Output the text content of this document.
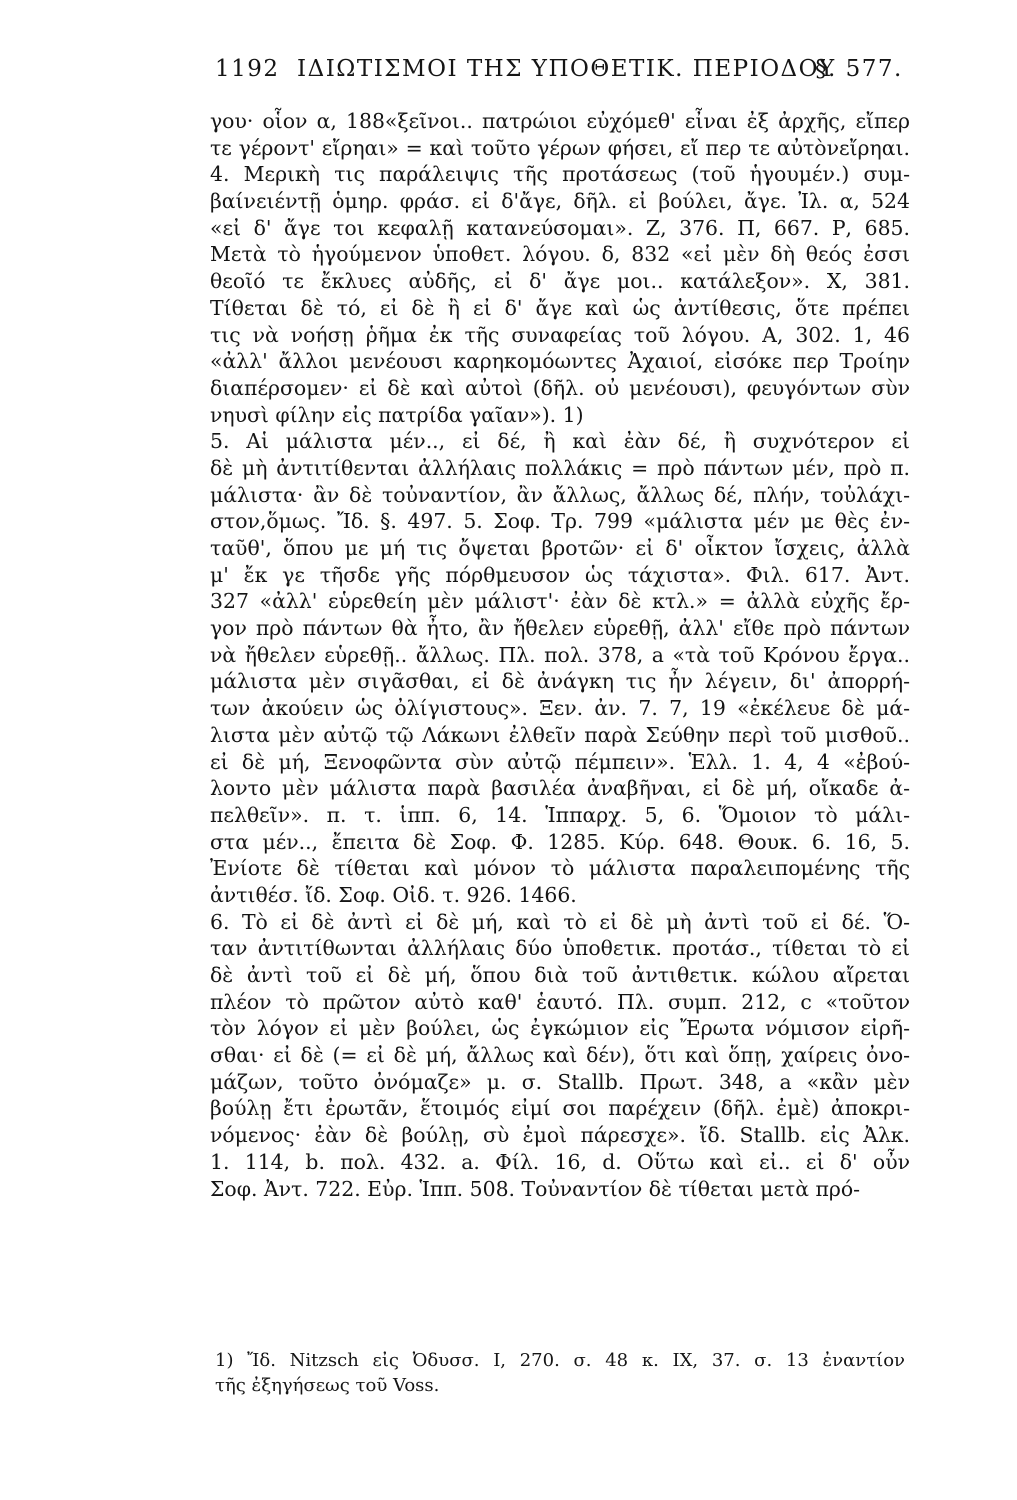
1192 ΙΔΙΩΤΙΣΜΟΙ ΤΗΣ ΥΠΟΘΕΤΙΚ. ΠΕΡΙΟΔΟΥ
§. 577.
γου· οἷον α, 188«ξεῖνοι.. πατρώιοι εὐχόμεθ' εἶναι ἐξ ἀρχῆς, εἴπερ
τε γέροντ' εἴρηαι» = καὶ τοῦτο γέρων φήσει, εἴ περ τε αὐτὸνεἴρηαι.
4. Μερικὴ τις παράλειψις τῆς προτάσεως (τοῦ ἡγουμέν.) συμ-
βαίνειέντῇ ὁμηρ. φράσ. εἰ δ'ἄγε, δῆλ. εἰ βούλει, ἄγε. Ἰλ. α, 524
«εἰ δ' ἄγε τοι κεφαλῇ κατανεύσομαι». Ζ, 376. Π, 667. Ρ, 685.
Μετὰ τὸ ἡγούμενον ὑποθετ. λόγου. δ, 832 «εἰ μὲν δὴ θεός ἐσσι
θεοῖό τε ἔκλυες αὐδῆς, εἰ δ' ἄγε μοι.. κατάλεξον». Χ, 381.
Τίθεται δὲ τό, εἰ δὲ ἢ εἰ δ' ἄγε καὶ ὡς ἀντίθεσις, ὅτε πρέπει
τις νὰ νοήσῃ ῥῆμα ἐκ τῆς συναφείας τοῦ λόγου. Α, 302. 1, 46
«ἀλλ' ἄλλοι μενέουσι καρηκομόωντες Ἀχαιοί, εἰσόκε περ Τροίην
διαπέρσομεν· εἰ δὲ καὶ αὐτοὶ (δῆλ. οὐ μενέουσι), φευγόντων σὺν
νηυσὶ φίλην εἰς πατρίδα γαῖαν»). 1)
5. Αἱ μάλιστα μέν.., εἰ δέ, ἢ καὶ ἐὰν δέ, ἢ συχνότερον εἰ
δὲ μὴ ἀντιτίθενται ἀλλήλαις πολλάκις = πρὸ πάντων μέν, πρὸ π.
μάλιστα· ἂν δὲ τοὐναντίον, ἂν ἄλλως, ἄλλως δέ, πλήν, τοὐλάχι-
στον,ὅμως. Ἴδ. §. 497. 5. Σοφ. Τρ. 799 «μάλιστα μέν με θὲς ἐν-
ταῦθ', ὅπου με μή τις ὄψεται βροτῶν· εἰ δ' οἶκτον ἴσχεις, ἀλλὰ
μ' ἔκ γε τῆσδε γῆς πόρθμευσον ὡς τάχιστα». Φιλ. 617. Ἀντ.
327 «ἀλλ' εὑρεθείη μὲν μάλιστ'· ἐὰν δὲ κτλ.» = ἀλλὰ εὐχῆς ἔρ-
γον πρὸ πάντων θὰ ἦτο, ἂν ἤθελεν εὑρεθῇ, ἀλλ' εἴθε πρὸ πάντων
νὰ ἤθελεν εὑρεθῇ.. ἄλλως. Πλ. πολ. 378, a «τὰ τοῦ Κρόνου ἔργα..
μάλιστα μὲν σιγᾶσθαι, εἰ δὲ ἀνάγκη τις ἦν λέγειν, δι' ἀπορρή-
των ἀκούειν ὡς ὀλίγιστους». Ξεν. ἀν. 7. 7, 19 «ἐκέλευε δὲ μά-
λιστα μὲν αὐτῷ τῷ Λάκωνι ἐλθεῖν παρὰ Σεύθην περὶ τοῦ μισθοῦ..
εἰ δὲ μή, Ξενοφῶντα σὺν αὐτῷ πέμπειν». Ἑλλ. 1. 4, 4 «ἐβού-
λοντο μὲν μάλιστα παρὰ βασιλέα ἀναβῆναι, εἰ δὲ μή, οἴκαδε ἀ-
πελθεῖν». π. τ. ἱππ. 6, 14. Ἱππαρχ. 5, 6. Ὅμοιον τὸ μάλι-
στα μέν.., ἔπειτα δὲ Σοφ. Φ. 1285. Κύρ. 648. Θουκ. 6. 16, 5.
Ἐνίοτε δὲ τίθεται καὶ μόνον τὸ μάλιστα παραλειπομένης τῆς
ἀντιθέσ. ἴδ. Σοφ. Οἰδ. τ. 926. 1466.
6. Τὸ εἰ δὲ ἀντὶ εἰ δὲ μή, καὶ τὸ εἰ δὲ μὴ ἀντὶ τοῦ εἰ δέ. Ὅ-
ταν ἀντιτίθωνται ἀλλήλαις δύο ὑποθετικ. προτάσ., τίθεται τὸ εἰ
δὲ ἀντὶ τοῦ εἰ δὲ μή, ὅπου διὰ τοῦ ἀντιθετικ. κώλου αἴρεται
πλέον τὸ πρῶτον αὐτὸ καθ' ἑαυτό. Πλ. συμπ. 212, c «τοῦτον
τὸν λόγον εἰ μὲν βούλει, ὡς ἐγκώμιον εἰς Ἔρωτα νόμισον εἰρῆ-
σθαι· εἰ δὲ (= εἰ δὲ μή, ἄλλως καὶ δέν), ὅτι καὶ ὅπῃ, χαίρεις ὀνο-
μάζων, τοῦτο ὀνόμαζε» μ. σ. Stallb. Πρωτ. 348, a «κἂν μὲν
βούλῃ ἔτι ἐρωτᾶν, ἕτοιμός εἰμί σοι παρέχειν (δῆλ. ἐμὲ) ἀποκρι-
νόμενος· ἐὰν δὲ βούλῃ, σὺ ἐμοὶ πάρεσχε». ἴδ. Stallb. εἰς Ἀλκ.
1. 114, b. πολ. 432. a. Φίλ. 16, d. Οὕτω καὶ εἰ.. εἰ δ' οὖν
Σοφ. Ἀντ. 722. Εὐρ. Ἱππ. 508. Τοὐναντίον δὲ τίθεται μετὰ πρό-
1) Ἴδ. Nitzsch εἰς Ὀδυσσ. Ι, 270. σ. 48 κ. ΙΧ, 37. σ. 13 ἐναντίον
τῆς ἐξηγήσεως τοῦ Voss.
